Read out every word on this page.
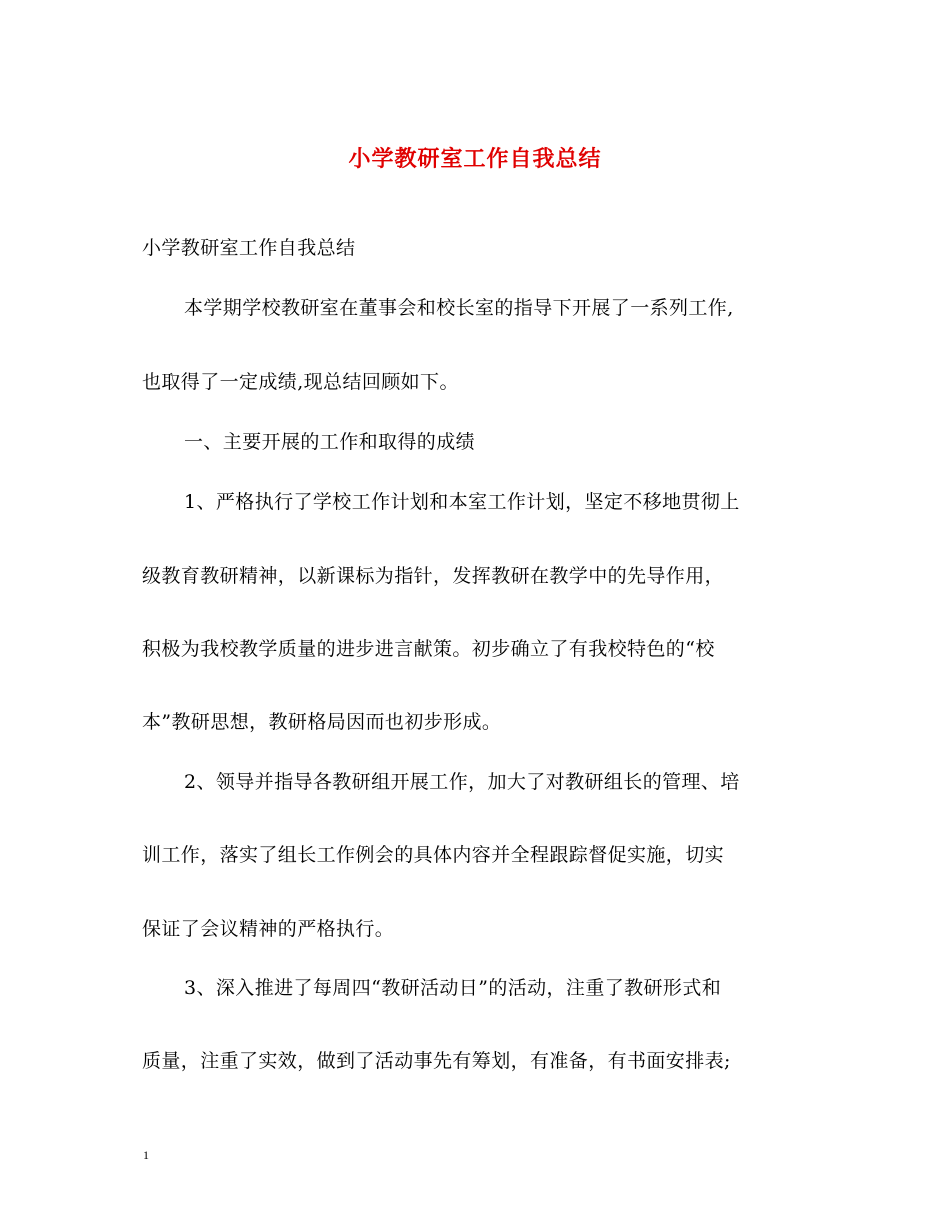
小学教研室工作自我总结
小学教研室工作自我总结
本学期学校教研室在董事会和校长室的指导下开展了一系列工作,
也取得了一定成绩,现总结回顾如下。
一、主要开展的工作和取得的成绩
1、严格执行了学校工作计划和本室工作计划，坚定不移地贯彻上
级教育教研精神，以新课标为指针，发挥教研在教学中的先导作用，
积极为我校教学质量的进步进言献策。初步确立了有我校特色的“校
本”教研思想，教研格局因而也初步形成。
2、领导并指导各教研组开展工作，加大了对教研组长的管理、培
训工作，落实了组长工作例会的具体内容并全程跟踪督促实施，切实
保证了会议精神的严格执行。
3、深入推进了每周四“教研活动日”的活动，注重了教研形式和
质量，注重了实效，做到了活动事先有筹划，有准备，有书面安排表;
1
